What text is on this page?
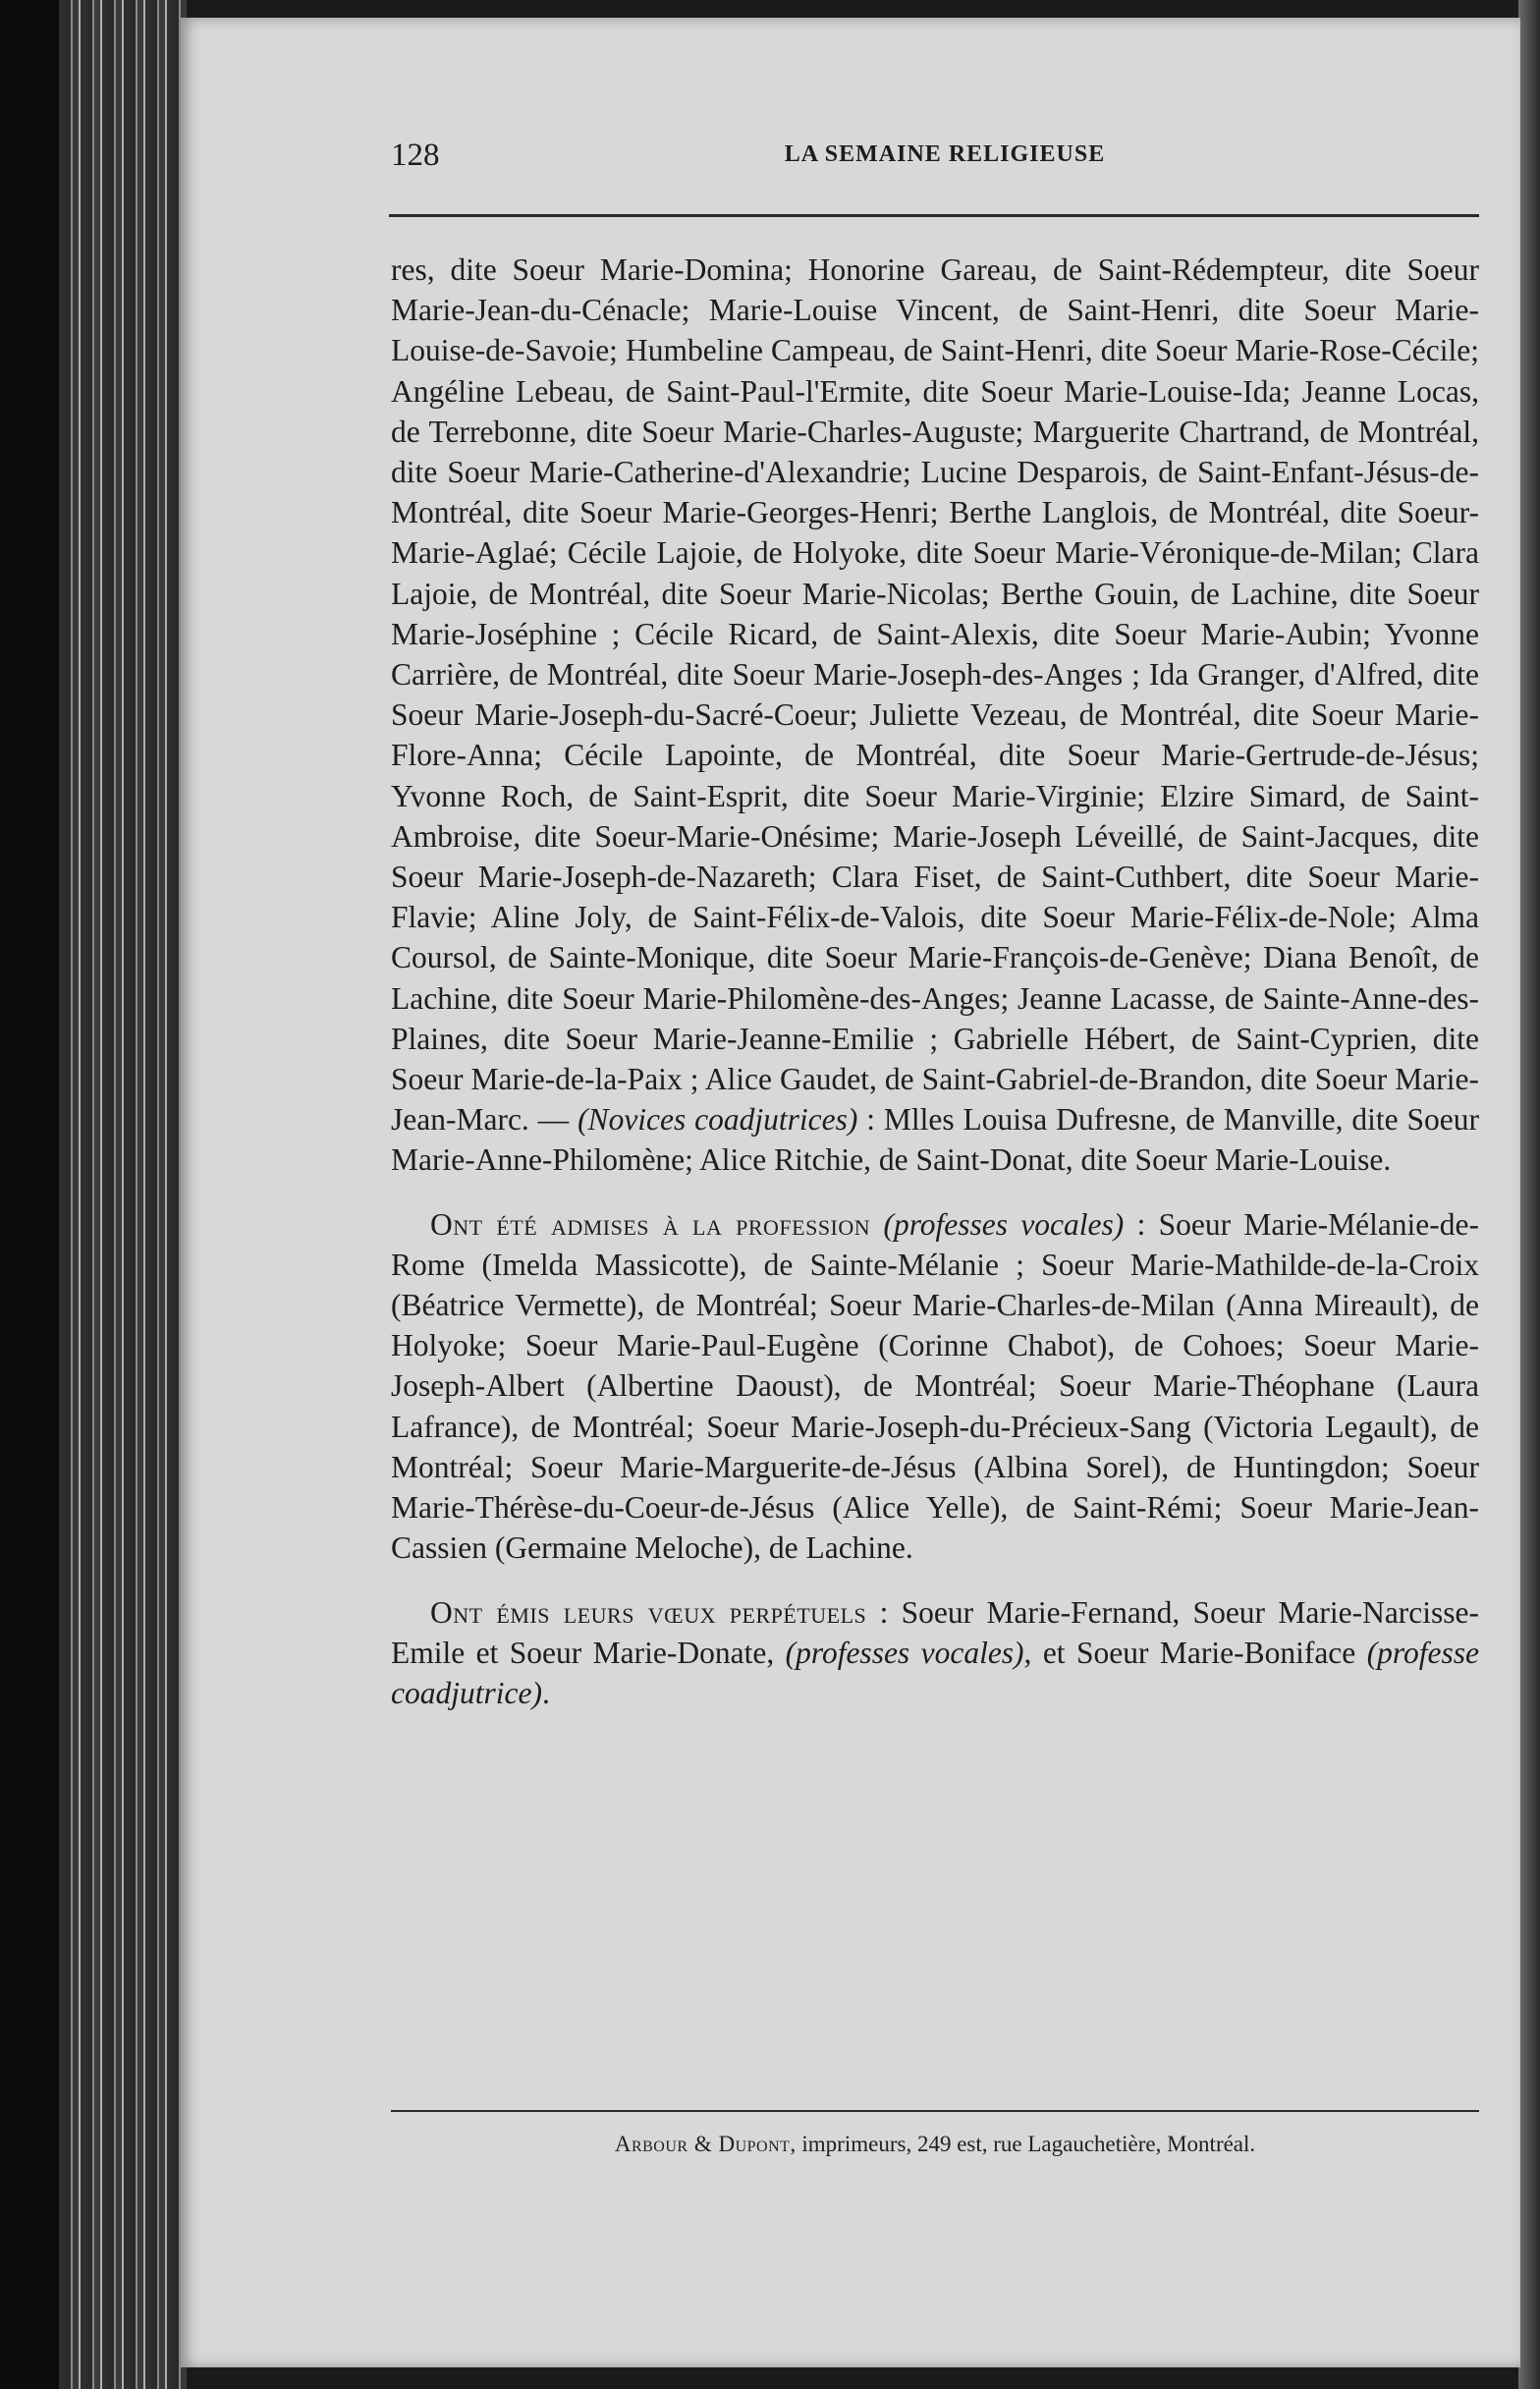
128	LA SEMAINE RELIGIEUSE

res, dite Soeur Marie-Domina; Honorine Gareau, de Saint-Rédempteur, dite Soeur Marie-Jean-du-Cénacle; Marie-Louise Vincent, de Saint-Henri, dite Soeur Marie-Louise-de-Savoie; Humbeline Campeau, de Saint-Henri, dite Soeur Marie-Rose-Cécile; Angéline Lebeau, de Saint-Paul-l'Ermite, dite Soeur Marie-Louise-Ida; Jeanne Locas, de Terrebonne, dite Soeur Marie-Charles-Auguste; Marguerite Chartrand, de Montréal, dite Soeur Marie-Catherine-d'Alexandrie; Lucine Desparois, de Saint-Enfant-Jésus-de-Montréal, dite Soeur Marie-Georges-Henri; Berthe Langlois, de Montréal, dite Soeur-Marie-Aglaé; Cécile Lajoie, de Holyoke, dite Soeur Marie-Véronique-de-Milan; Clara Lajoie, de Montréal, dite Soeur Marie-Nicolas; Berthe Gouin, de Lachine, dite Soeur Marie-Joséphine ; Cécile Ricard, de Saint-Alexis, dite Soeur Marie-Aubin; Yvonne Carrière, de Montréal, dite Soeur Marie-Joseph-des-Anges ; Ida Granger, d'Alfred, dite Soeur Marie-Joseph-du-Sacré-Coeur; Juliette Vezeau, de Montréal, dite Soeur Marie-Flore-Anna; Cécile Lapointe, de Montréal, dite Soeur Marie-Gertrude-de-Jésus; Yvonne Roch, de Saint-Esprit, dite Soeur Marie-Virginie; Elzire Simard, de Saint-Ambroise, dite Soeur-Marie-Onésime; Marie-Joseph Léveillé, de Saint-Jacques, dite Soeur Marie-Joseph-de-Nazareth; Clara Fiset, de Saint-Cuthbert, dite Soeur Marie-Flavie; Aline Joly, de Saint-Félix-de-Valois, dite Soeur Marie-Félix-de-Nole; Alma Coursol, de Sainte-Monique, dite Soeur Marie-François-de-Genève; Diana Benoît, de Lachine, dite Soeur Marie-Philomène-des-Anges; Jeanne Lacasse, de Sainte-Anne-des-Plaines, dite Soeur Marie-Jeanne-Emilie ; Gabrielle Hébert, de Saint-Cyprien, dite Soeur Marie-de-la-Paix ; Alice Gaudet, de Saint-Gabriel-de-Brandon, dite Soeur Marie-Jean-Marc. — (Novices coadjutrices) : Mlles Louisa Dufresne, de Manville, dite Soeur Marie-Anne-Philomène; Alice Ritchie, de Saint-Donat, dite Soeur Marie-Louise.

Ont été admises à la profession (professes vocales) : Soeur Marie-Mélanie-de-Rome (Imelda Massicotte), de Sainte-Mélanie ; Soeur Marie-Mathilde-de-la-Croix (Béatrice Vermette), de Montréal; Soeur Marie-Charles-de-Milan (Anna Mireault), de Holyoke; Soeur Marie-Paul-Eugène (Corinne Chabot), de Cohoes; Soeur Marie-Joseph-Albert (Albertine Daoust), de Montréal; Soeur Marie-Théophane (Laura Lafrance), de Montréal; Soeur Marie-Joseph-du-Précieux-Sang (Victoria Legault), de Montréal; Soeur Marie-Marguerite-de-Jésus (Albina Sorel), de Huntingdon; Soeur Marie-Thérèse-du-Coeur-de-Jésus (Alice Yelle), de Saint-Rémi; Soeur Marie-Jean-Cassien (Germaine Meloche), de Lachine.

Ont émis leurs vœux perpétuels : Soeur Marie-Fernand, Soeur Marie-Narcisse-Emile et Soeur Marie-Donate, (professes vocales), et Soeur Marie-Boniface (professe coadjutrice).

Arbour & Dupont, imprimeurs, 249 est, rue Lagauchetière, Montréal.
